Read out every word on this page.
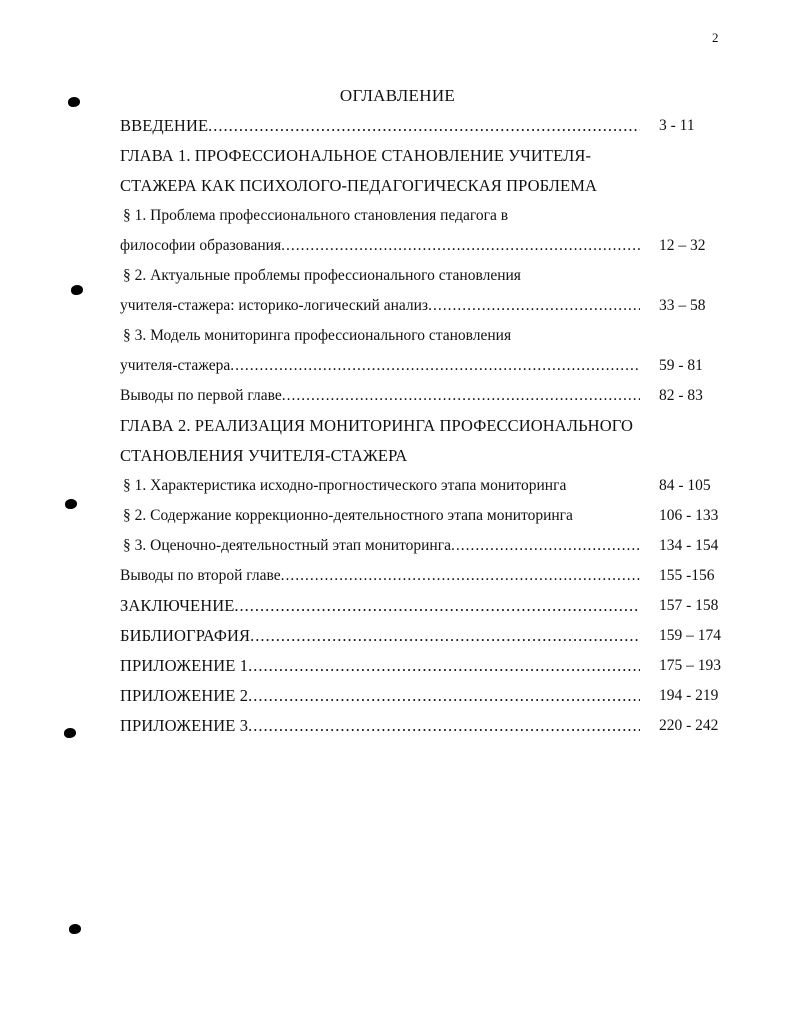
2
ОГЛАВЛЕНИЕ
ВВЕДЕНИЕ .....	3 - 11
ГЛАВА 1. ПРОФЕССИОНАЛЬНОЕ СТАНОВЛЕНИЕ УЧИТЕЛЯ-
СТАЖЕРА КАК ПСИХОЛОГО-ПЕДАГОГИЧЕСКАЯ ПРОБЛЕМА
§ 1. Проблема профессионального становления педагога в
философии образования .....	12 – 32
§ 2. Актуальные проблемы профессионального становления
учителя-стажера: историко-логический анализ .....	33 – 58
§ 3. Модель мониторинга профессионального становления
учителя-стажера .....	59 - 81
Выводы по первой главе .....	82 - 83
ГЛАВА 2. РЕАЛИЗАЦИЯ МОНИТОРИНГА ПРОФЕССИОНАЛЬНОГО
СТАНОВЛЕНИЯ УЧИТЕЛЯ-СТАЖЕРА
§ 1. Характеристика исходно-прогностического этапа мониторинга	84 - 105
§ 2. Содержание коррекционно-деятельностного этапа мониторинга	106 - 133
§ 3. Оценочно-деятельностный этап мониторинга .....	134 - 154
Выводы по второй главе .....	155 -156
ЗАКЛЮЧЕНИЕ .....	157 - 158
БИБЛИОГРАФИЯ .....	159 – 174
ПРИЛОЖЕНИЕ 1 .....	175 – 193
ПРИЛОЖЕНИЕ 2 .....	194 - 219
ПРИЛОЖЕНИЕ 3 .....	220 - 242
